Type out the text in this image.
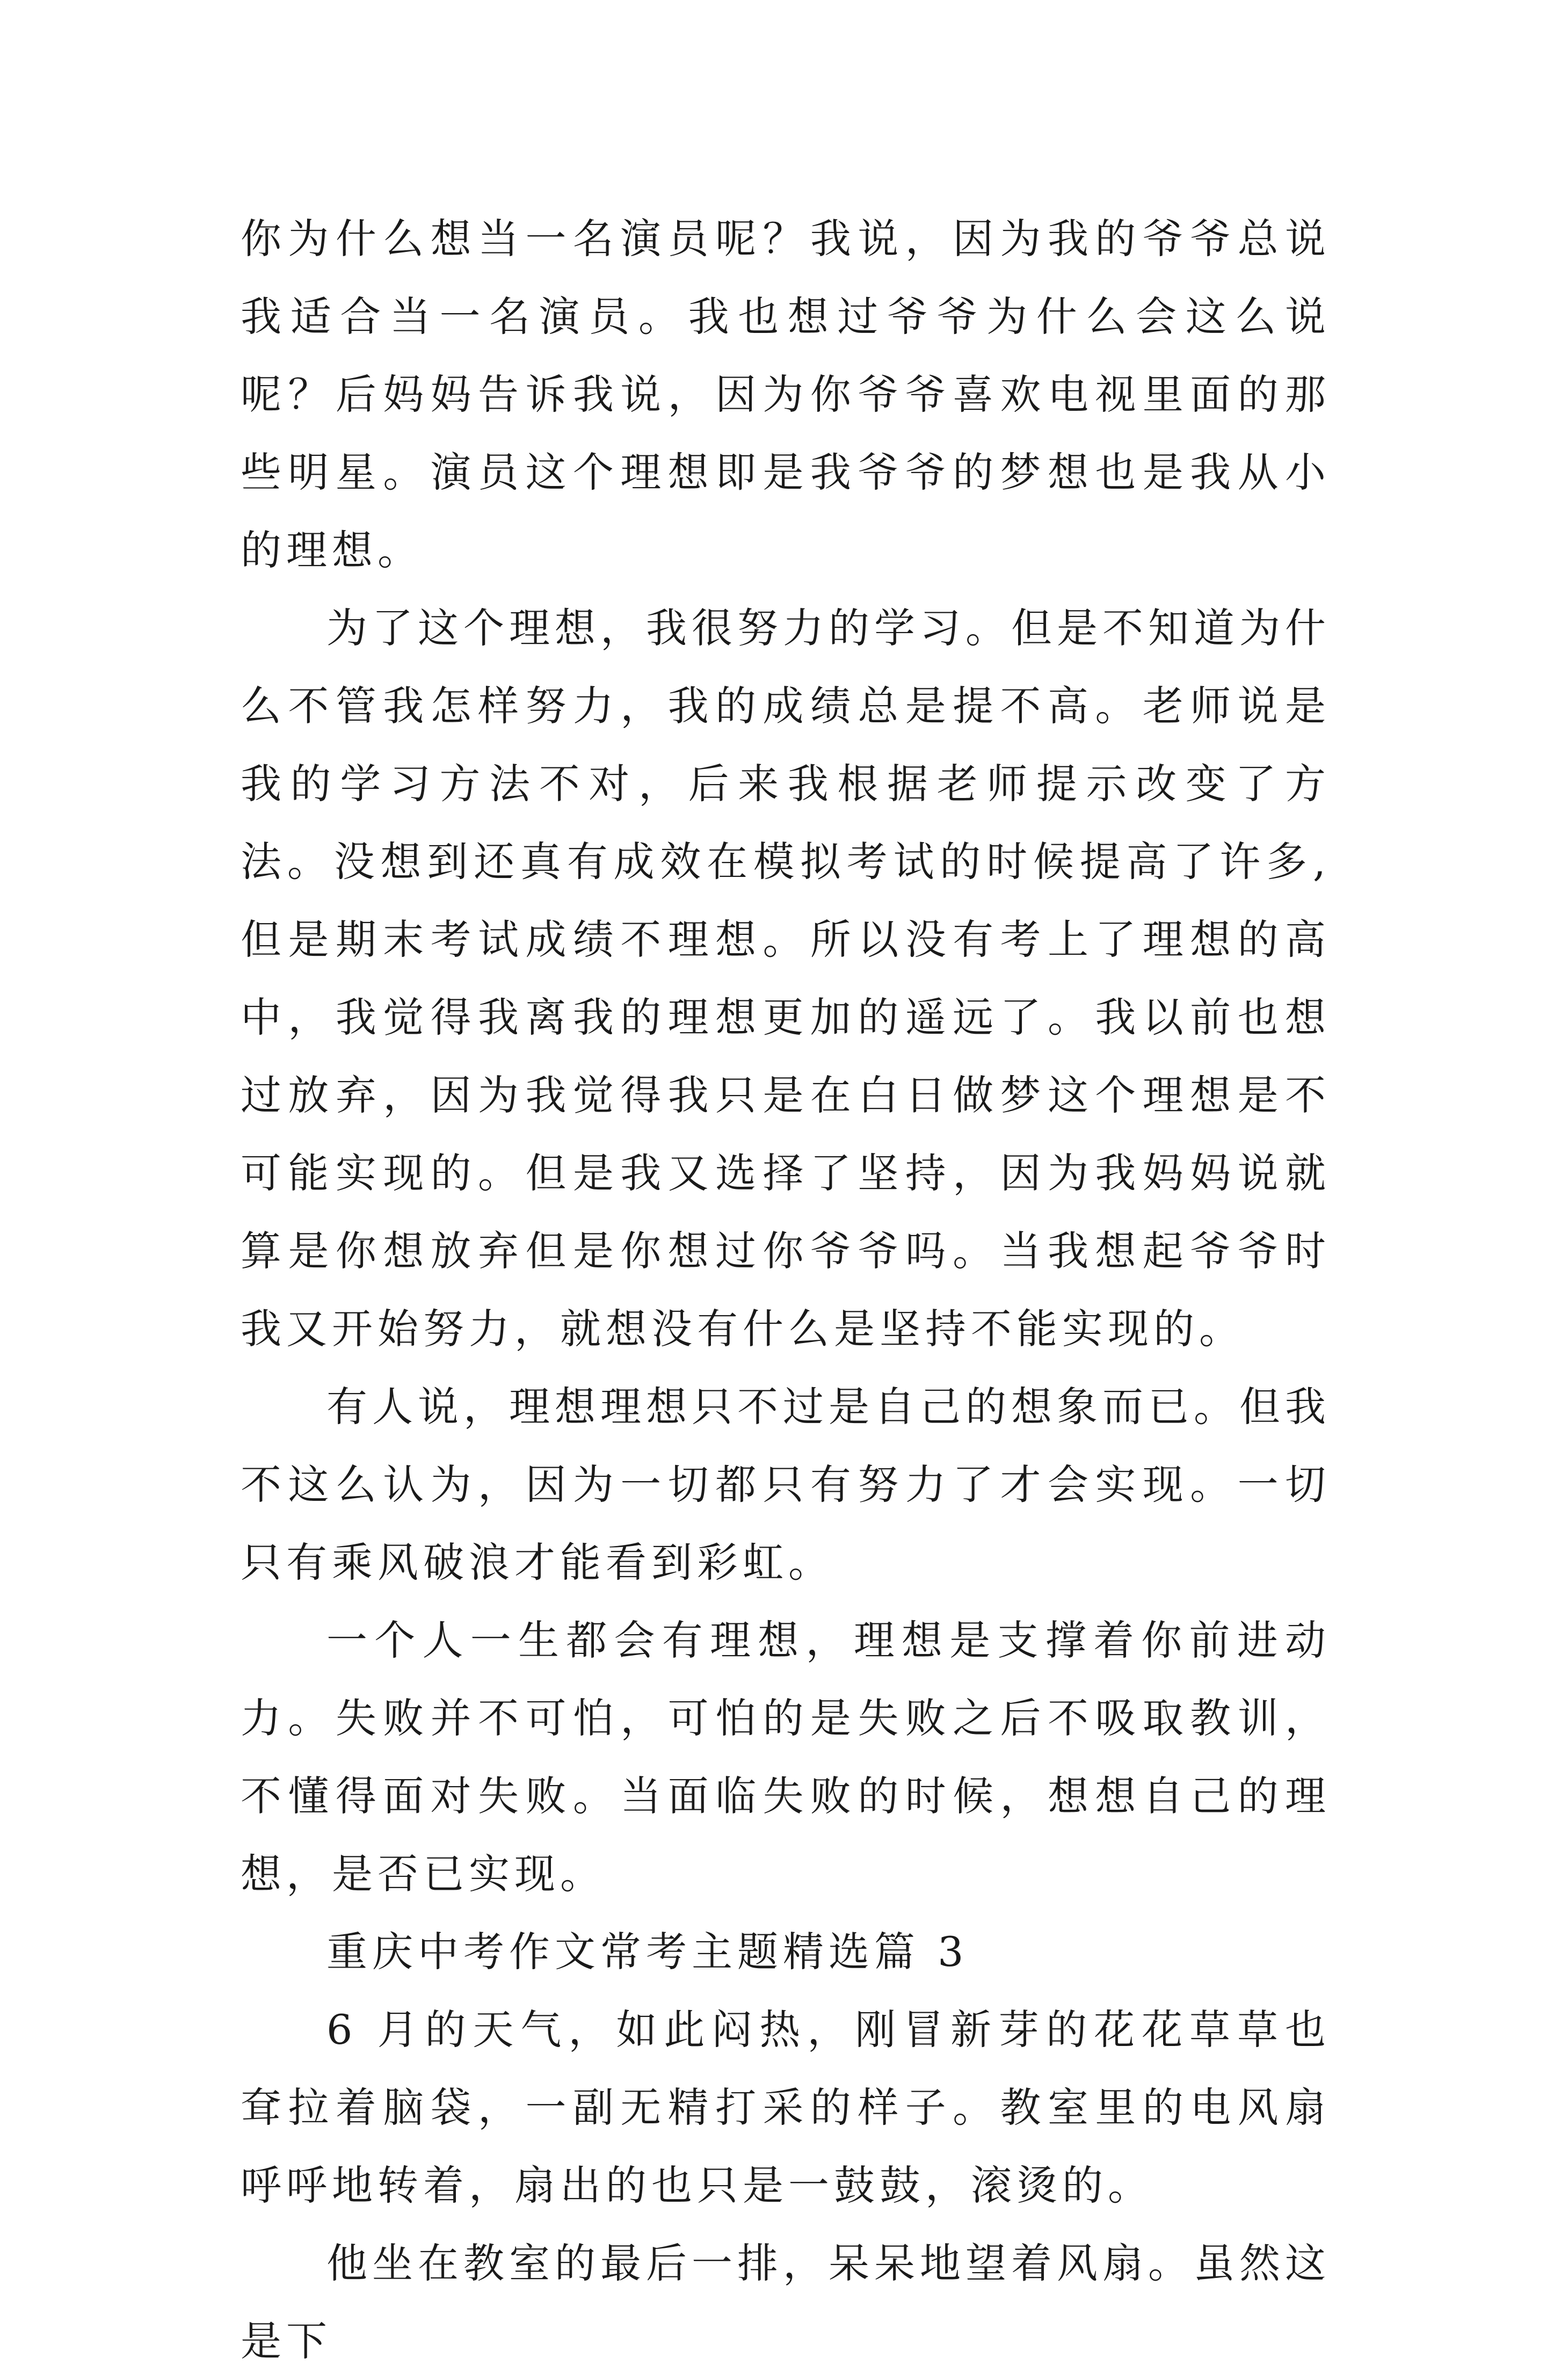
你为什么想当一名演员呢？我说，因为我的爷爷总说我适合当一名演员。我也想过爷爷为什么会这么说呢？后妈妈告诉我说，因为你爷爷喜欢电视里面的那些明星。演员这个理想即是我爷爷的梦想也是我从小的理想。

为了这个理想，我很努力的学习。但是不知道为什么不管我怎样努力，我的成绩总是提不高。老师说是我的学习方法不对，后来我根据老师提示改变了方法。没想到还真有成效在模拟考试的时候提高了许多,但是期末考试成绩不理想。所以没有考上了理想的高中，我觉得我离我的理想更加的遥远了。我以前也想过放弃，因为我觉得我只是在白日做梦这个理想是不可能实现的。但是我又选择了坚持，因为我妈妈说就算是你想放弃但是你想过你爷爷吗。当我想起爷爷时我又开始努力，就想没有什么是坚持不能实现的。

有人说，理想理想只不过是自己的想象而已。但我不这么认为，因为一切都只有努力了才会实现。一切只有乘风破浪才能看到彩虹。

一个人一生都会有理想，理想是支撑着你前进动力。失败并不可怕，可怕的是失败之后不吸取教训，不懂得面对失败。当面临失败的时候，想想自己的理想，是否已实现。

重庆中考作文常考主题精选篇 3

6 月的天气，如此闷热，刚冒新芽的花花草草也耷拉着脑袋，一副无精打采的样子。教室里的电风扇呼呼地转着，扇出的也只是一鼓鼓，滚烫的。

他坐在教室的最后一排，呆呆地望着风扇。虽然这是下
